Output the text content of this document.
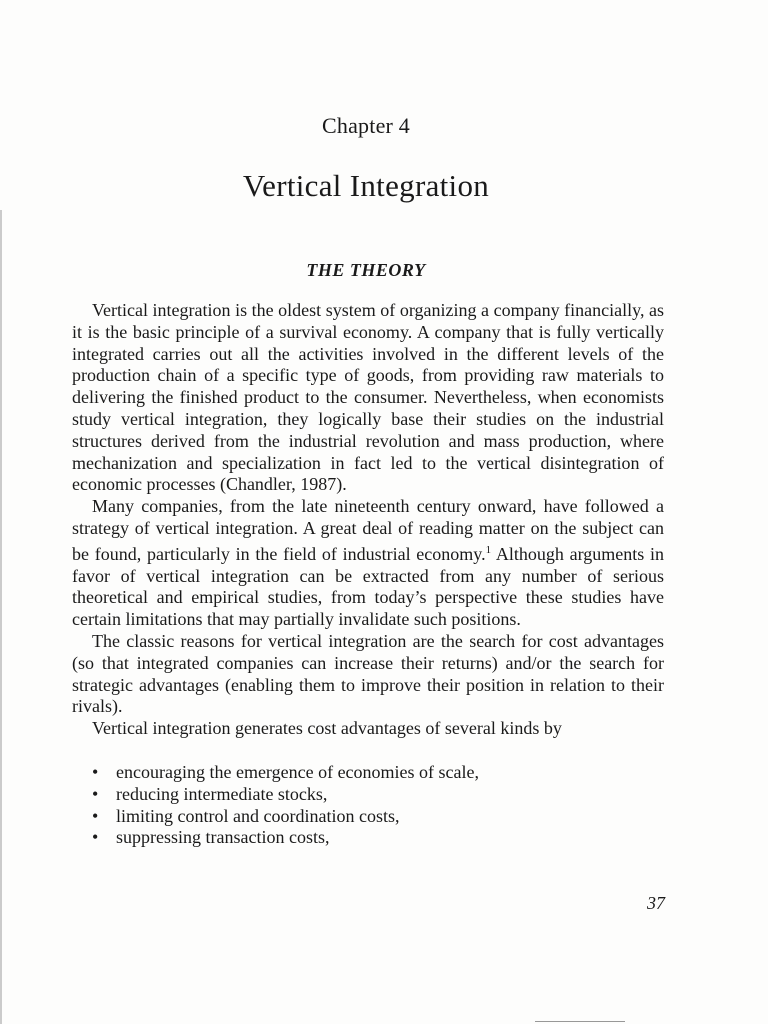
Chapter 4
Vertical Integration
THE THEORY

Vertical integration is the oldest system of organizing a company financially, as it is the basic principle of a survival economy. A company that is fully vertically integrated carries out all the activities involved in the different levels of the production chain of a specific type of goods, from providing raw materials to delivering the finished product to the consumer. Nevertheless, when economists study vertical integration, they logically base their studies on the industrial structures derived from the industrial revolution and mass production, where mechanization and specialization in fact led to the vertical disintegration of economic processes (Chandler, 1987).

Many companies, from the late nineteenth century onward, have followed a strategy of vertical integration. A great deal of reading matter on the subject can be found, particularly in the field of industrial economy.$^1$ Although arguments in favor of vertical integration can be extracted from any number of serious theoretical and empirical studies, from today’s perspective these studies have certain limitations that may partially invalidate such positions.

The classic reasons for vertical integration are the search for cost advantages (so that integrated companies can increase their returns) and/or the search for strategic advantages (enabling them to improve their position in relation to their rivals).

Vertical integration generates cost advantages of several kinds by

• encouraging the emergence of economies of scale,
• reducing intermediate stocks,
• limiting control and coordination costs,
• suppressing transaction costs,
37
